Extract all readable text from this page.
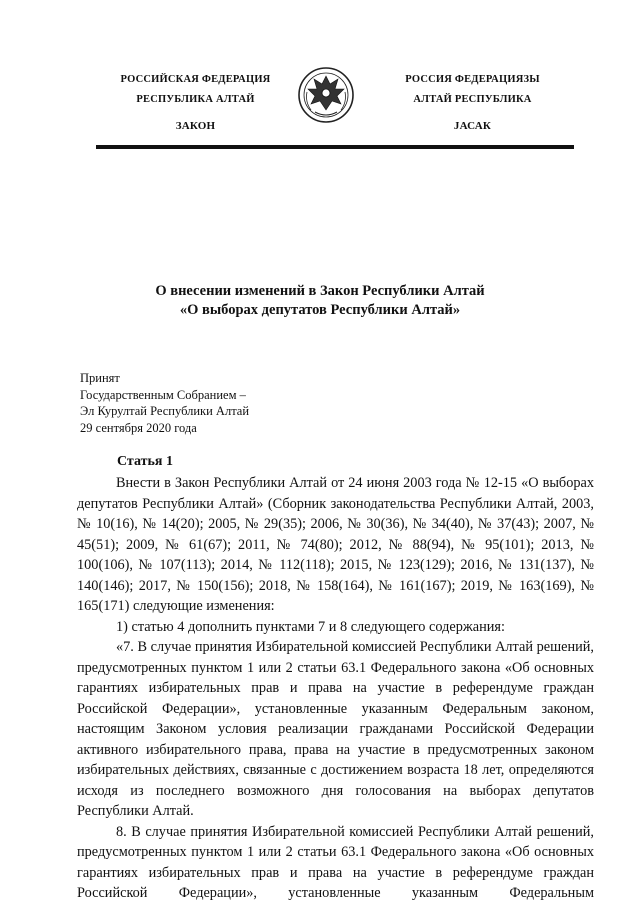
РОССИЙСКАЯ ФЕДЕРАЦИЯ
РЕСПУБЛИКА АЛТАЙ
ЗАКОН
РОССИЯ ФЕДЕРАЦИЯЗЫ
АЛТАЙ РЕСПУБЛИКА
JАСАК
О внесении изменений в Закон Республики Алтай
«О выборах депутатов Республики Алтай»
Принят
Государственным Собранием –
Эл Курултай Республики Алтай
29 сентября 2020 года
Статья 1

Внести в Закон Республики Алтай от 24 июня 2003 года № 12-15 «О выборах депутатов Республики Алтай» (Сборник законодательства Республики Алтай, 2003, № 10(16), № 14(20); 2005, № 29(35); 2006, № 30(36), № 34(40), № 37(43); 2007, № 45(51); 2009, № 61(67); 2011, № 74(80); 2012, № 88(94), № 95(101); 2013, № 100(106), № 107(113); 2014, № 112(118); 2015, № 123(129); 2016, № 131(137), № 140(146); 2017, № 150(156); 2018, № 158(164), № 161(167); 2019, № 163(169), № 165(171) следующие изменения:

1) статью 4 дополнить пунктами 7 и 8 следующего содержания:

«7. В случае принятия Избирательной комиссией Республики Алтай решений, предусмотренных пунктом 1 или 2 статьи 63.1 Федерального закона «Об основных гарантиях избирательных прав и права на участие в референдуме граждан Российской Федерации», установленные указанным Федеральным законом, настоящим Законом условия реализации гражданами Российской Федерации активного избирательного права, права на участие в предусмотренных законом избирательных действиях, связанные с достижением возраста 18 лет, определяются исходя из последнего возможного дня голосования на выборах депутатов Республики Алтай.

8. В случае принятия Избирательной комиссией Республики Алтай решений, предусмотренных пунктом 1 или 2 статьи 63.1 Федерального закона «Об основных гарантиях избирательных прав и права на участие в референдуме граждан Российской Федерации», установленные указанным Федеральным
